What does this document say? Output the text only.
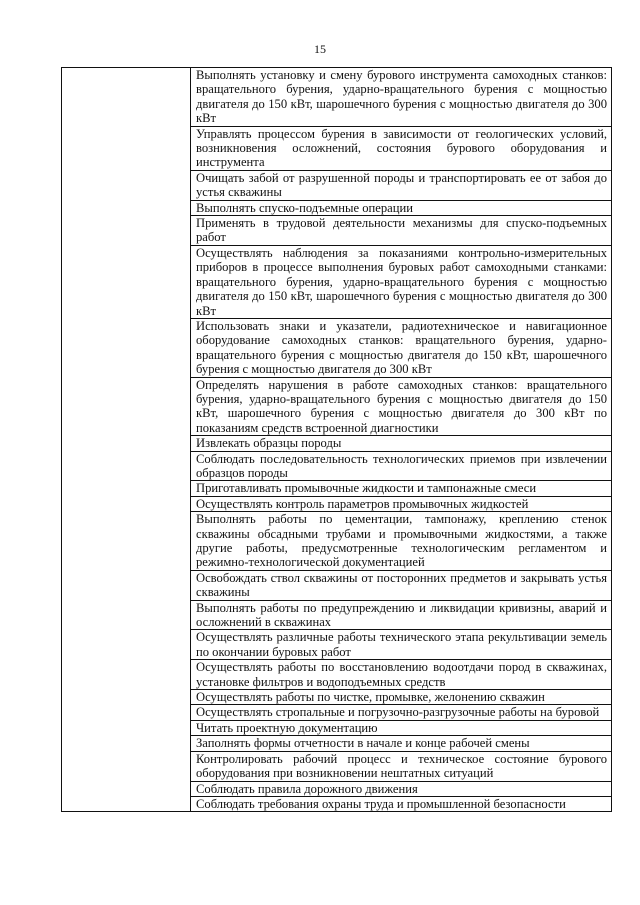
15
	Выполнять установку и смену бурового инструмента самоходных станков: вращательного бурения, ударно-вращательного бурения с мощностью двигателя до 150 кВт, шарошечного бурения с мощностью двигателя до 300 кВт
Управлять процессом бурения в зависимости от геологических условий, возникновения осложнений, состояния бурового оборудования и инструмента
Очищать забой от разрушенной породы и транспортировать ее от забоя до устья скважины
Выполнять спуско-подъемные операции
Применять в трудовой деятельности механизмы для спуско-подъемных работ
Осуществлять наблюдения за показаниями контрольно-измерительных приборов в процессе выполнения буровых работ самоходными станками: вращательного бурения, ударно-вращательного бурения с мощностью двигателя до 150 кВт, шарошечного бурения с мощностью двигателя до 300 кВт
Использовать знаки и указатели, радиотехническое и навигационное оборудование самоходных станков: вращательного бурения, ударно-вращательного бурения с мощностью двигателя до 150 кВт, шарошечного бурения с мощностью двигателя до 300 кВт
Определять нарушения в работе самоходных станков: вращательного бурения, ударно-вращательного бурения с мощностью двигателя до 150 кВт, шарошечного бурения с мощностью двигателя до 300 кВт по показаниям средств встроенной диагностики
Извлекать образцы породы
Соблюдать последовательность технологических приемов при извлечении образцов породы
Приготавливать промывочные жидкости и тампонажные смеси
Осуществлять контроль параметров промывочных жидкостей
Выполнять работы по цементации, тампонажу, креплению стенок скважины обсадными трубами и промывочными жидкостями, а также другие работы, предусмотренные технологическим регламентом и режимно-технологической документацией
Освобождать ствол скважины от посторонних предметов и закрывать устья скважины
Выполнять работы по предупреждению и ликвидации кривизны, аварий и осложнений в скважинах
Осуществлять различные работы технического этапа рекультивации земель по окончании буровых работ
Осуществлять работы по восстановлению водоотдачи пород в скважинах, установке фильтров и водоподъемных средств
Осуществлять работы по чистке, промывке, желонению скважин
Осуществлять стропальные и погрузочно-разгрузочные работы на буровой
Читать проектную документацию
Заполнять формы отчетности в начале и конце рабочей смены
Контролировать рабочий процесс и техническое состояние бурового оборудования при возникновении нештатных ситуаций
Соблюдать правила дорожного движения
Соблюдать требования охраны труда и промышленной безопасности
